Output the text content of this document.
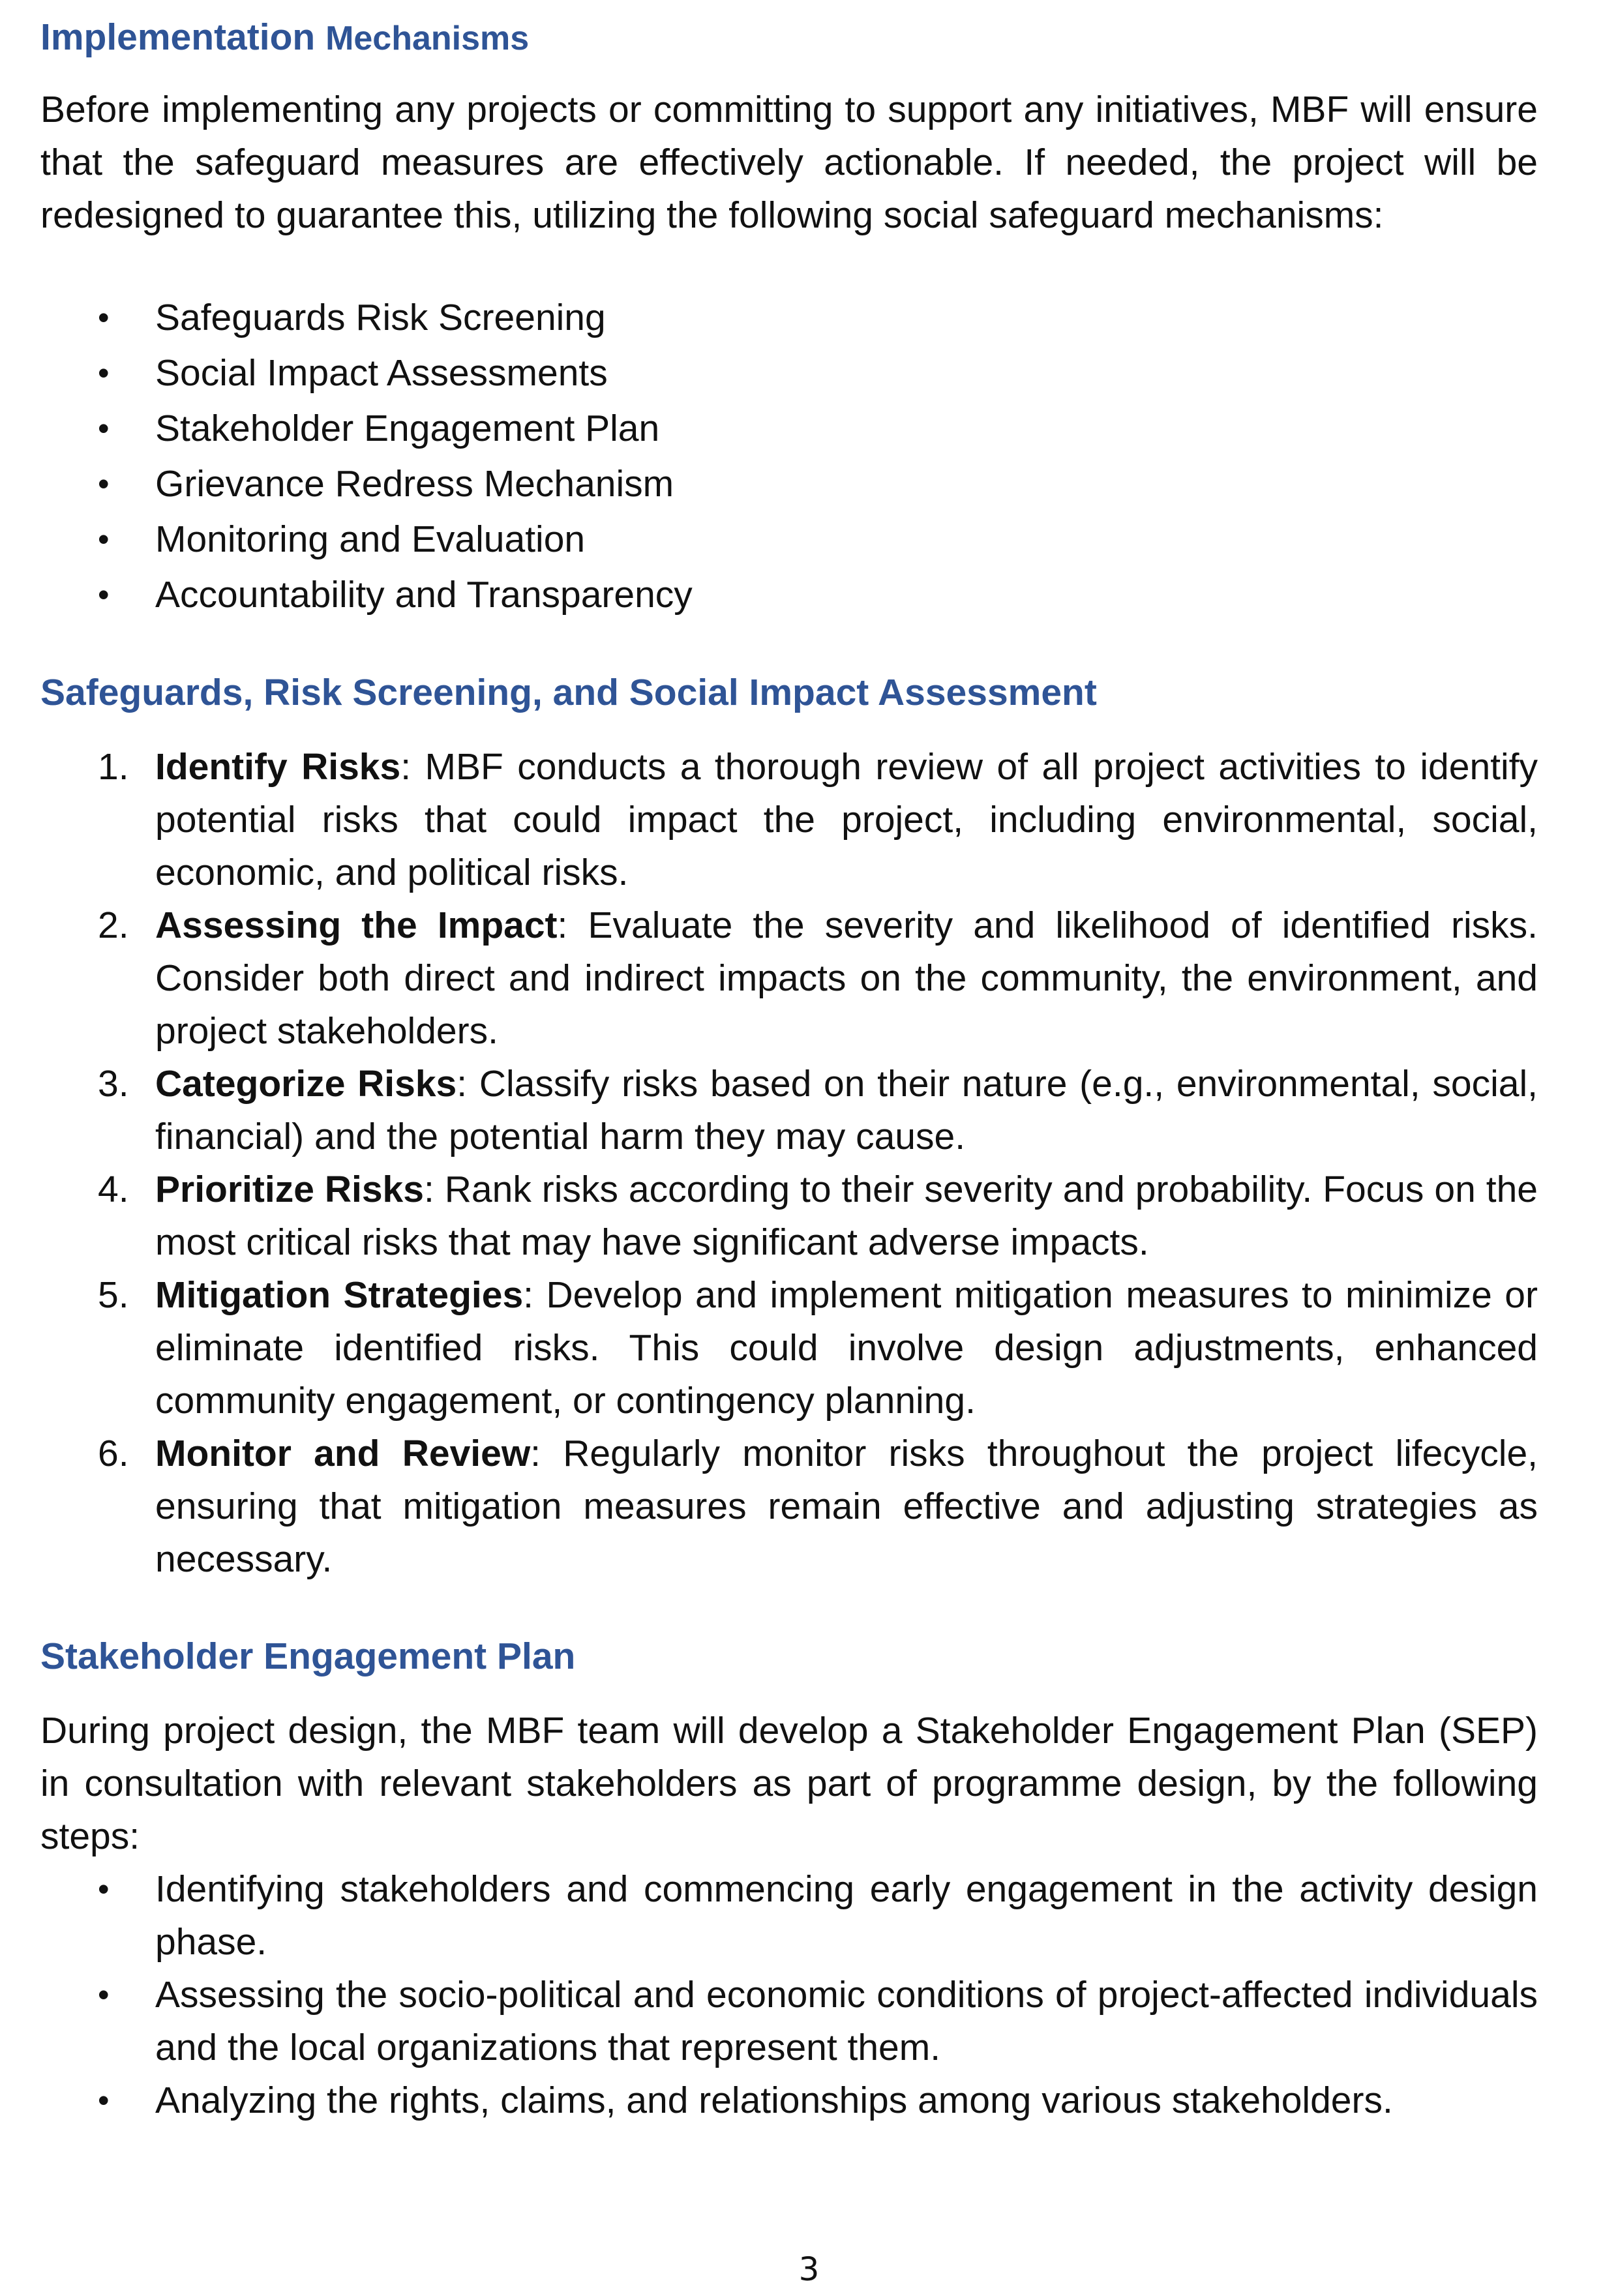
Implementation Mechanisms

Before implementing any projects or committing to support any initiatives, MBF will ensure that the safeguard measures are effectively actionable. If needed, the project will be redesigned to guarantee this, utilizing the following social safeguard mechanisms:

• Safeguards Risk Screening
• Social Impact Assessments
• Stakeholder Engagement Plan
• Grievance Redress Mechanism
• Monitoring and Evaluation
• Accountability and Transparency
Safeguards, Risk Screening, and Social Impact Assessment
1. Identify Risks: MBF conducts a thorough review of all project activities to identify potential risks that could impact the project, including environmental, social, economic, and political risks.
2. Assessing the Impact: Evaluate the severity and likelihood of identified risks. Consider both direct and indirect impacts on the community, the environment, and project stakeholders.
3. Categorize Risks: Classify risks based on their nature (e.g., environmental, social, financial) and the potential harm they may cause.
4. Prioritize Risks: Rank risks according to their severity and probability. Focus on the most critical risks that may have significant adverse impacts.
5. Mitigation Strategies: Develop and implement mitigation measures to minimize or eliminate identified risks. This could involve design adjustments, enhanced community engagement, or contingency planning.
6. Monitor and Review: Regularly monitor risks throughout the project lifecycle, ensuring that mitigation measures remain effective and adjusting strategies as necessary.
Stakeholder Engagement Plan

During project design, the MBF team will develop a Stakeholder Engagement Plan (SEP) in consultation with relevant stakeholders as part of programme design, by the following steps:

• Identifying stakeholders and commencing early engagement in the activity design phase.
• Assessing the socio-political and economic conditions of project-affected individuals and the local organizations that represent them.
• Analyzing the rights, claims, and relationships among various stakeholders.
3
